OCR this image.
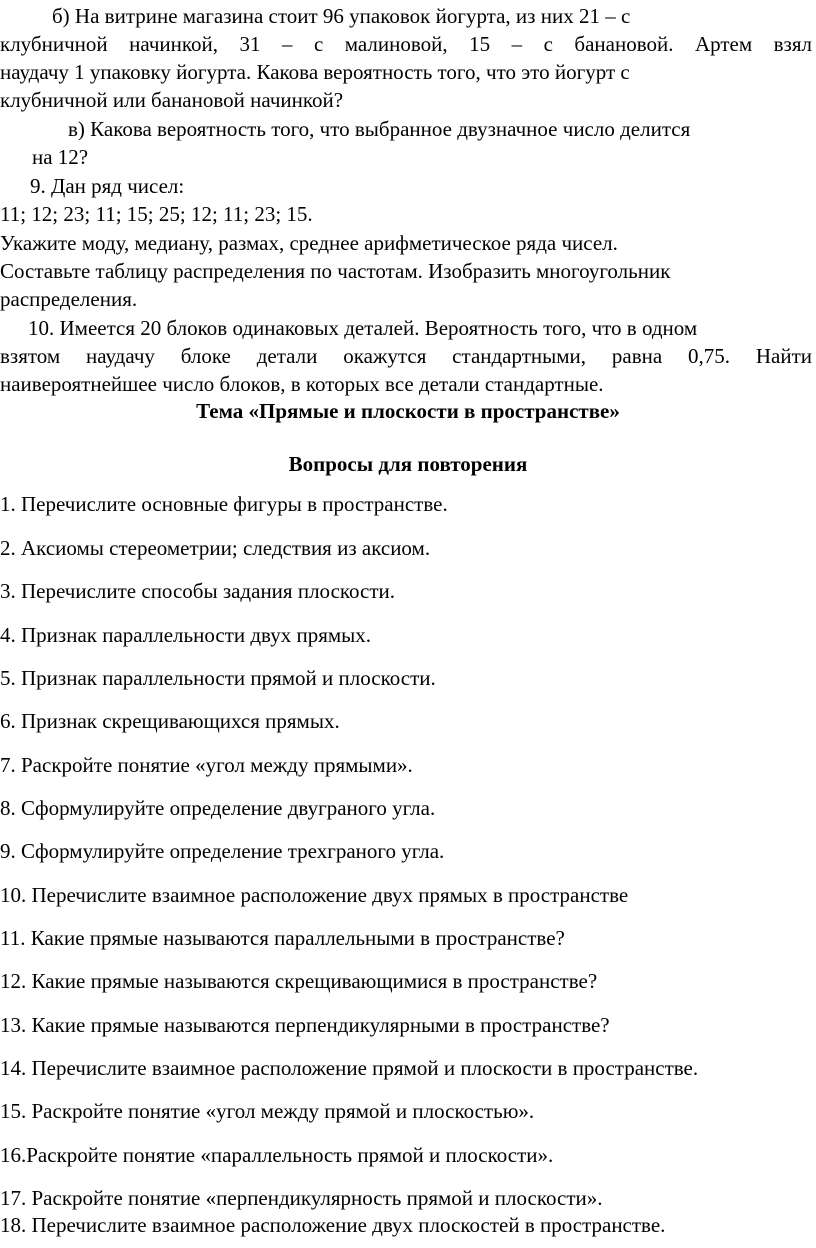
б) На витрине магазина стоит 96 упаковок йогурта, из них 21 – с
клубничной начинкой, 31 – с малиновой, 15 – с банановой. Артем взял
наудачу 1 упаковку йогурта. Какова вероятность того, что это йогурт с
клубничной или банановой начинкой?
в) Какова вероятность того, что выбранное двузначное число делится
на 12?
9. Дан ряд чисел:
11; 12; 23; 11; 15; 25; 12; 11; 23; 15.
Укажите моду, медиану, размах, среднее арифметическое ряда чисел.
Составьте таблицу распределения по частотам. Изобразить многоугольник
распределения.
10. Имеется 20 блоков одинаковых деталей. Вероятность того, что в одном
взятом наудачу блоке детали окажутся стандартными, равна 0,75. Найти
наивероятнейшее число блоков, в которых все детали стандартные.
Тема «Прямые и плоскости в пространстве»
Вопросы для повторения
1. Перечислите основные фигуры в пространстве.
2. Аксиомы стереометрии; следствия из аксиом.
3. Перечислите способы задания плоскости.
4. Признак параллельности двух прямых.
5. Признак параллельности прямой и плоскости.
6. Признак скрещивающихся прямых.
7. Раскройте понятие «угол между прямыми».
8. Сформулируйте определение двуграного угла.
9. Сформулируйте определение трехграного угла.
10. Перечислите взаимное расположение двух прямых в пространстве
11. Какие прямые называются параллельными в пространстве?
12. Какие прямые называются скрещивающимися в пространстве?
13. Какие прямые называются перпендикулярными в пространстве?
14. Перечислите взаимное расположение прямой и плоскости в пространстве.
15. Раскройте понятие «угол между прямой и плоскостью».
16.Раскройте понятие «параллельность прямой и плоскости».
17. Раскройте понятие «перпендикулярность прямой и плоскости».
18. Перечислите взаимное расположение двух плоскостей в пространстве.
